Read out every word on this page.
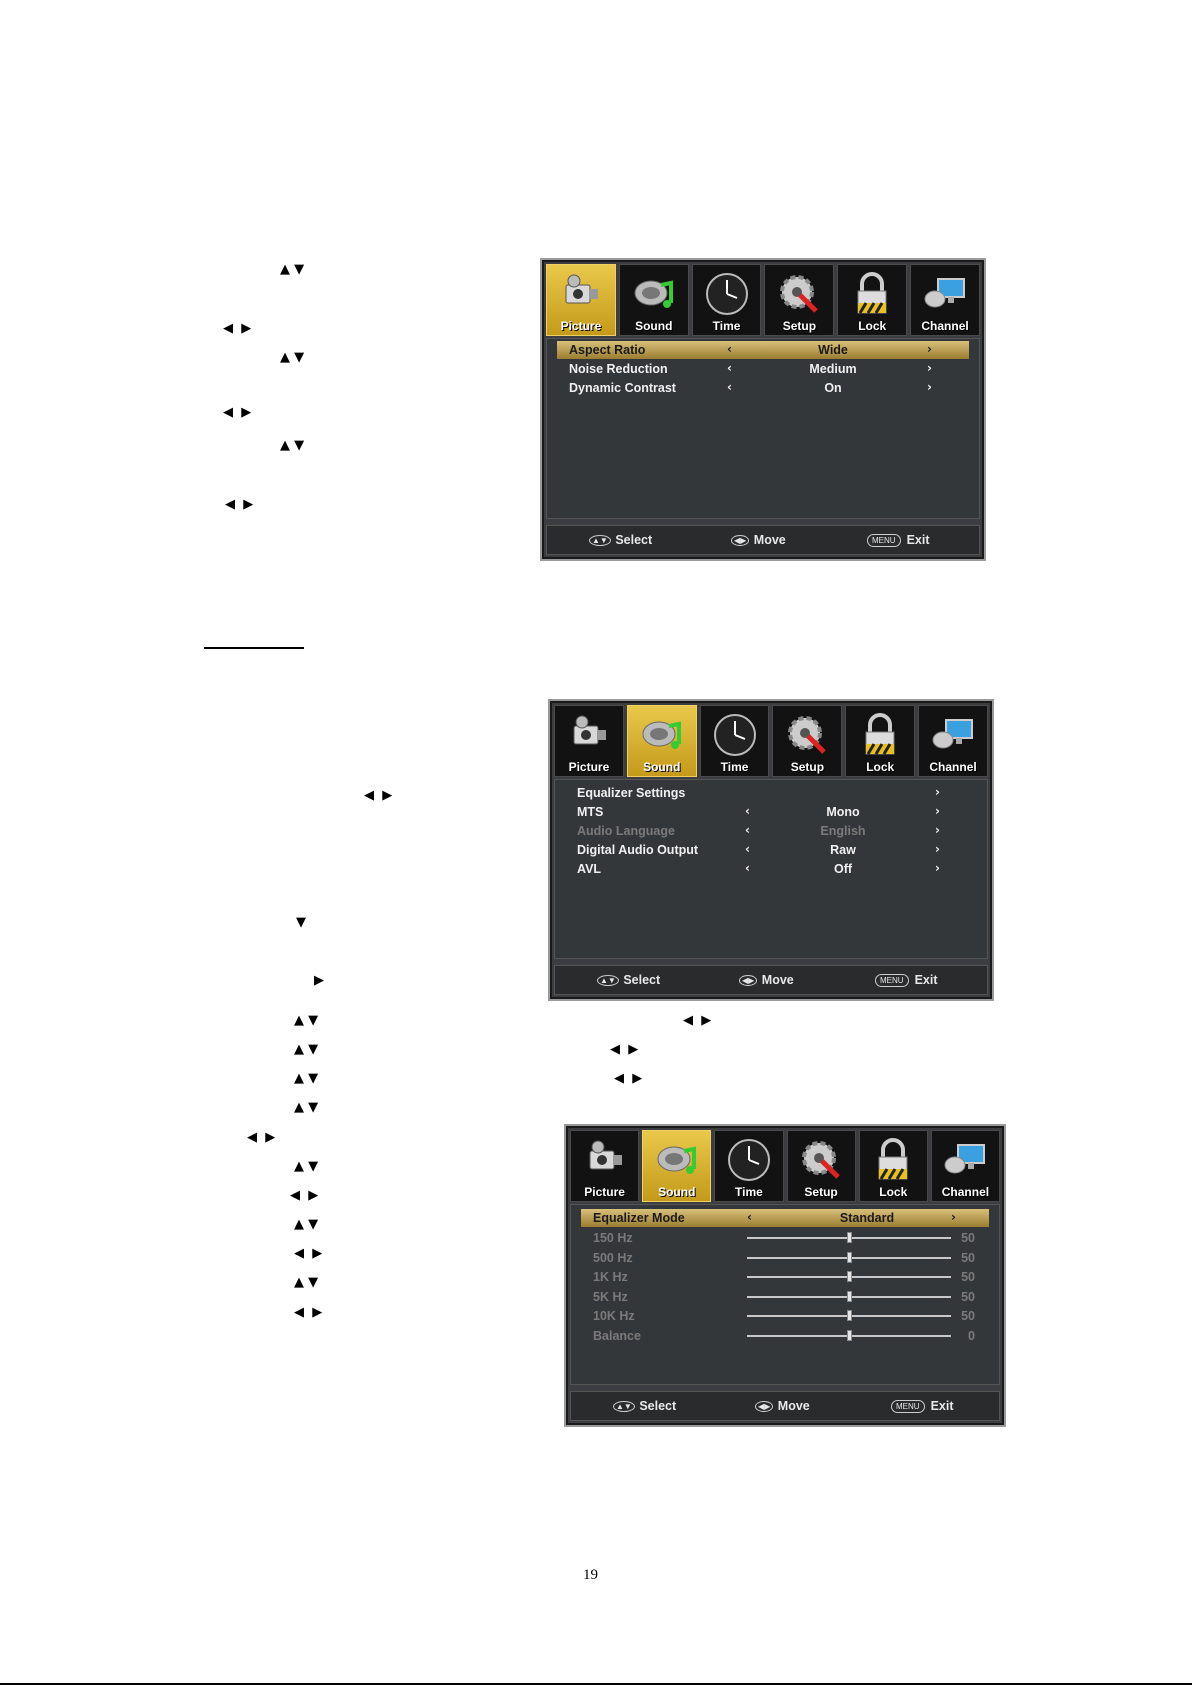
▲ ▼
◀  ▶
▲ ▼
◀  ▶
▲ ▼
◀  ▶
◀  ▶
▼
▶
▲ ▼	◀  ▶
▲ ▼	◀  ▶
▲ ▼	◀  ▶
▲ ▼
◀  ▶
▲ ▼
◀  ▶
▲ ▼
◀  ▶
▲ ▼
◀  ▶
Picture	Sound	Time	Setup	Lock	Channel
Aspect Ratio	‹	Wide	›
Noise Reduction	‹	Medium	›
Dynamic Contrast	‹	On	›
▲▼ Select	◀▶ Move	MENU Exit
Picture	Sound	Time	Setup	Lock	Channel
Equalizer Settings	›
MTS	‹	Mono	›
Audio Language	‹	English	›
Digital Audio Output	‹	Raw	›
AVL	‹	Off	›
▲▼ Select	◀▶ Move	MENU Exit
Picture	Sound	Time	Setup	Lock	Channel
Equalizer Mode	‹	Standard	›
150 Hz	50
500 Hz	50
1K Hz	50
5K Hz	50
10K Hz	50
Balance	0
▲▼ Select	◀▶ Move	MENU Exit
19
